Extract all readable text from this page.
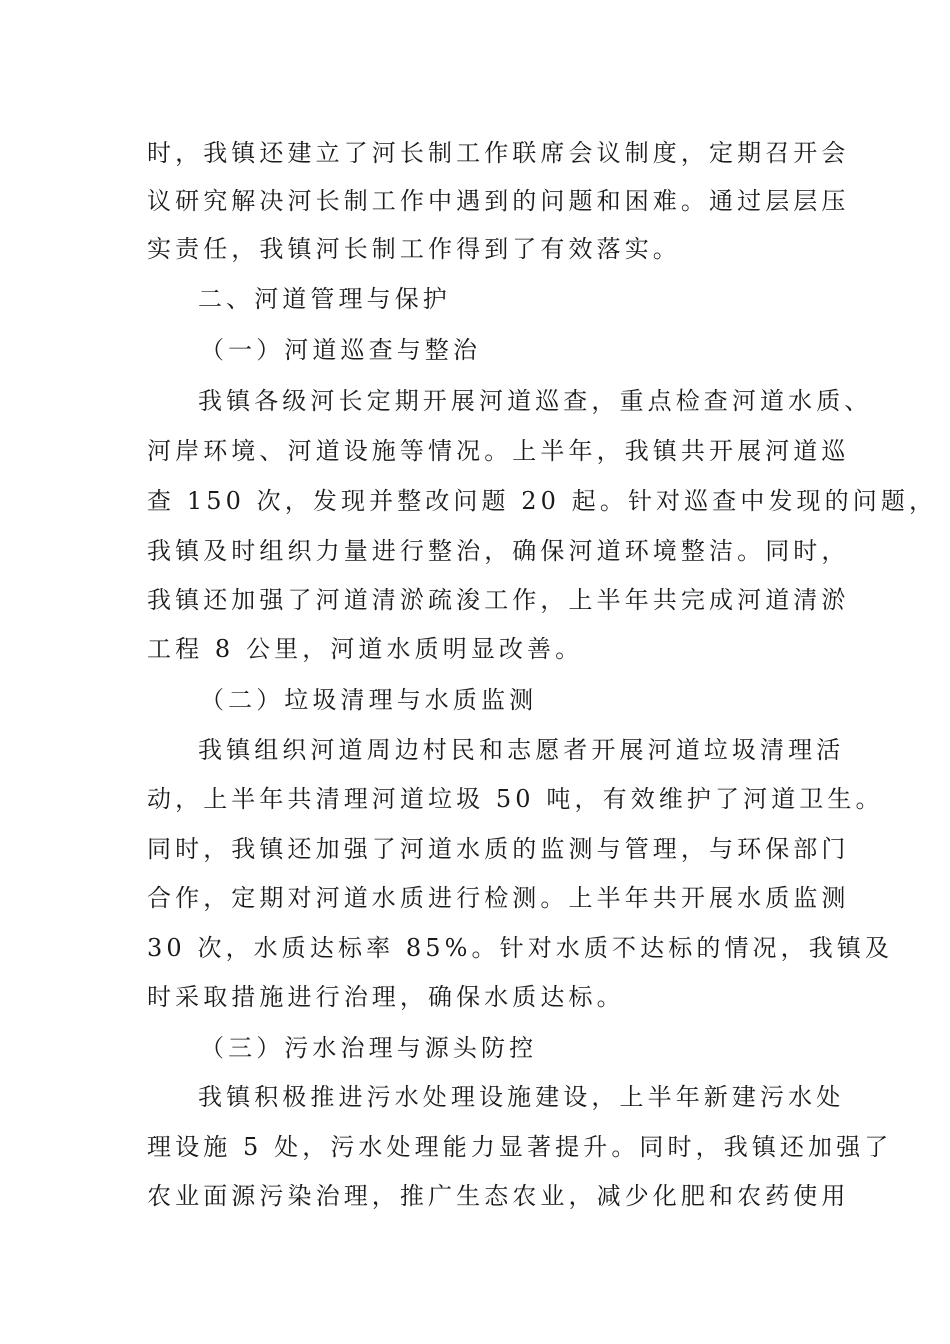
时，我镇还建立了河长制工作联席会议制度，定期召开会
议研究解决河长制工作中遇到的问题和困难。通过层层压
实责任，我镇河长制工作得到了有效落实。
二、河道管理与保护
（一）河道巡查与整治
我镇各级河长定期开展河道巡查，重点检查河道水质、
河岸环境、河道设施等情况。上半年，我镇共开展河道巡
查 150 次，发现并整改问题 20 起。针对巡查中发现的问题，
我镇及时组织力量进行整治，确保河道环境整洁。同时，
我镇还加强了河道清淤疏浚工作，上半年共完成河道清淤
工程 8 公里，河道水质明显改善。
（二）垃圾清理与水质监测
我镇组织河道周边村民和志愿者开展河道垃圾清理活
动，上半年共清理河道垃圾 50 吨，有效维护了河道卫生。
同时，我镇还加强了河道水质的监测与管理，与环保部门
合作，定期对河道水质进行检测。上半年共开展水质监测
30 次，水质达标率 85%。针对水质不达标的情况，我镇及
时采取措施进行治理，确保水质达标。
（三）污水治理与源头防控
我镇积极推进污水处理设施建设，上半年新建污水处
理设施 5 处，污水处理能力显著提升。同时，我镇还加强了
农业面源污染治理，推广生态农业，减少化肥和农药使用
